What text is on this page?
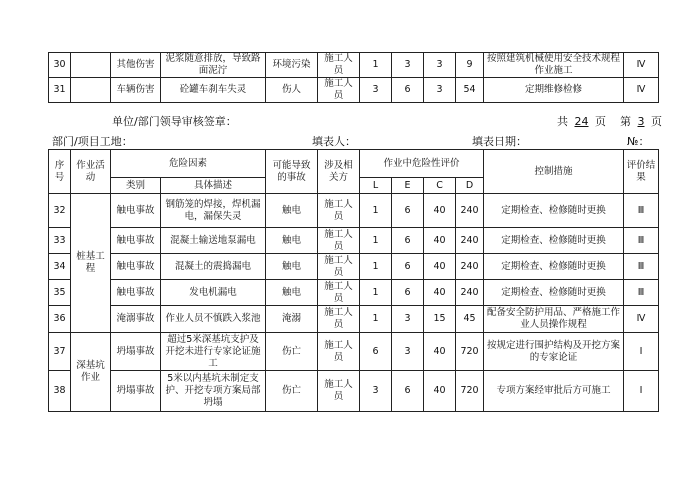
30		其他伤害	泥浆随意排放，导致路面泥泞	环境污染	施工人员	1	3	3	9	按照建筑机械使用安全技术规程作业施工	Ⅳ
31		车辆伤害	砼罐车刹车失灵	伤人	施工人员	3	6	3	54	定期维修检修	Ⅳ
单位/部门领导审核签章：	共 24 页 第 3 页
部门/项目工地：	填表人：	填表日期：	№：
序号	作业活动	危险因素		可能导致的事故	涉及相关方	作业中危险性评价				控制措施	评价结果
		类别	具体描述			L	E	C	D		
32	桩基工程	触电事故	钢筋笼的焊接，焊机漏电，漏保失灵	触电	施工人员	1	6	40	240	定期检查、检修随时更换	Ⅲ
33		触电事故	混凝土输送地泵漏电	触电	施工人员	1	6	40	240	定期检查、检修随时更换	Ⅲ
34		触电事故	混凝土的震捣漏电	触电	施工人员	1	6	40	240	定期检查、检修随时更换	Ⅲ
35		触电事故	发电机漏电	触电	施工人员	1	6	40	240	定期检查、检修随时更换	Ⅲ
36		淹溺事故	作业人员不慎跌入浆池	淹溺	施工人员	1	3	15	45	配备安全防护用品、严格施工作业人员操作规程	Ⅳ
37	深基坑作业	坍塌事故	超过5米深基坑支护及开挖未进行专家论证施工	伤亡	施工人员	6	3	40	720	按规定进行围护结构及开挖方案的专家论证	Ⅰ
38		坍塌事故	5米以内基坑未制定支护、开挖专项方案局部坍塌	伤亡	施工人员	3	6	40	720	专项方案经审批后方可施工	Ⅰ
